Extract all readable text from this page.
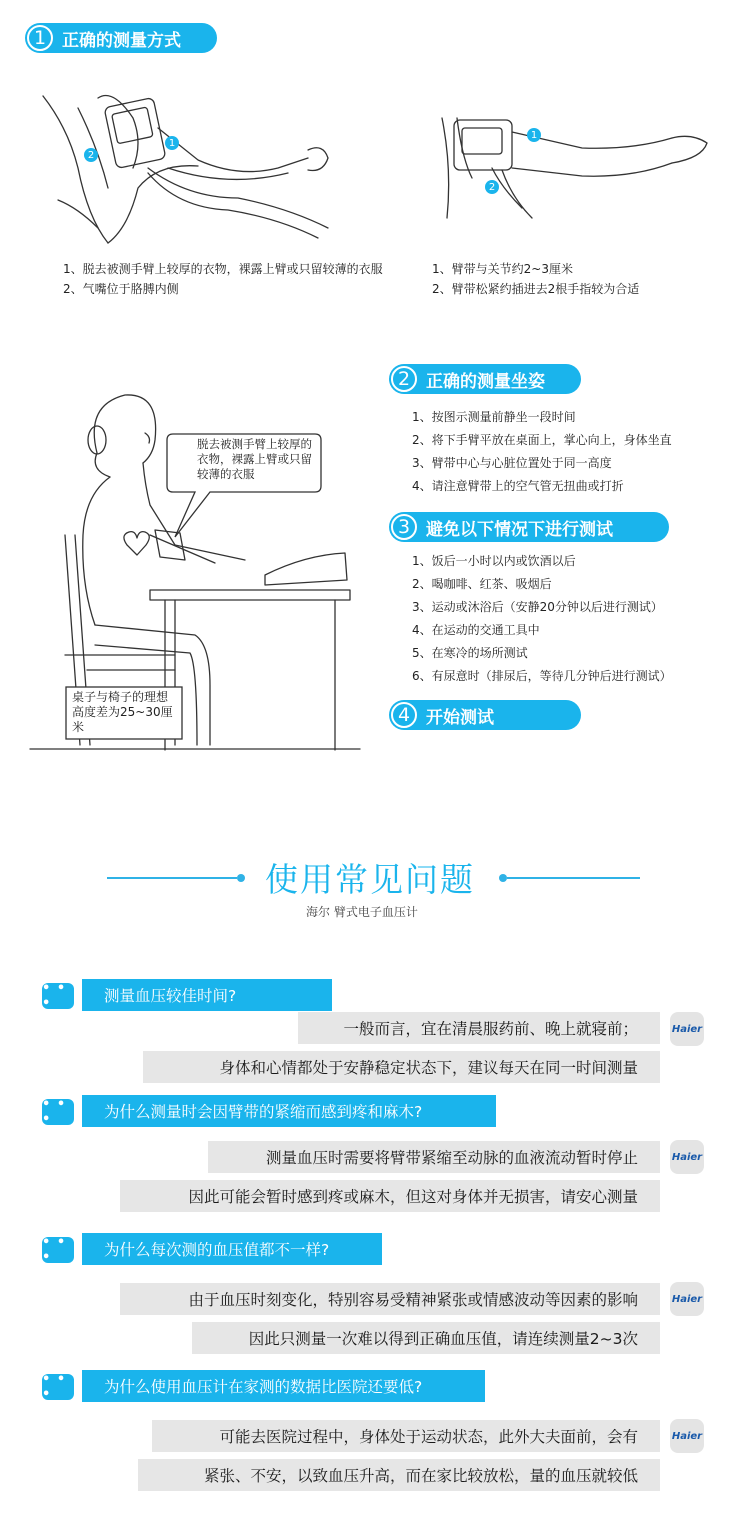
1 正确的测量方式
1
2
1
2
1、脱去被测手臂上较厚的衣物，裸露上臂或只留较薄的衣服
2、气嘴位于胳膊内侧
1、臂带与关节约2~3厘米
2、臂带松紧约插进去2根手指较为合适
脱去被测手臂上较厚的衣物，裸露上臂或只留较薄的衣服
桌子与椅子的理想高度差为25~30厘米
2 正确的测量坐姿
1、按图示测量前静坐一段时间
2、将下手臂平放在桌面上，掌心向上，身体坐直
3、臂带中心与心脏位置处于同一高度
4、请注意臂带上的空气管无扭曲或打折
3 避免以下情况下进行测试
1、饭后一小时以内或饮酒以后
2、喝咖啡、红茶、吸烟后
3、运动或沐浴后（安静20分钟以后进行测试）
4、在运动的交通工具中
5、在寒冷的场所测试
6、有尿意时（排尿后，等待几分钟后进行测试）
4 开始测试
使用常见问题
海尔 臂式电子血压计
• • •	测量血压较佳时间?
一般而言，宜在清晨服药前、晚上就寝前；	Haier
身体和心情都处于安静稳定状态下，建议每天在同一时间测量
• • •	为什么测量时会因臂带的紧缩而感到疼和麻木?
测量血压时需要将臂带紧缩至动脉的血液流动暂时停止	Haier
因此可能会暂时感到疼或麻木，但这对身体并无损害，请安心测量
• • •	为什么每次测的血压值都不一样?
由于血压时刻变化，特别容易受精神紧张或情感波动等因素的影响	Haier
因此只测量一次难以得到正确血压值，请连续测量2~3次
• • •	为什么使用血压计在家测的数据比医院还要低?
可能去医院过程中，身体处于运动状态，此外大夫面前，会有	Haier
紧张、不安，以致血压升高，而在家比较放松，量的血压就较低
